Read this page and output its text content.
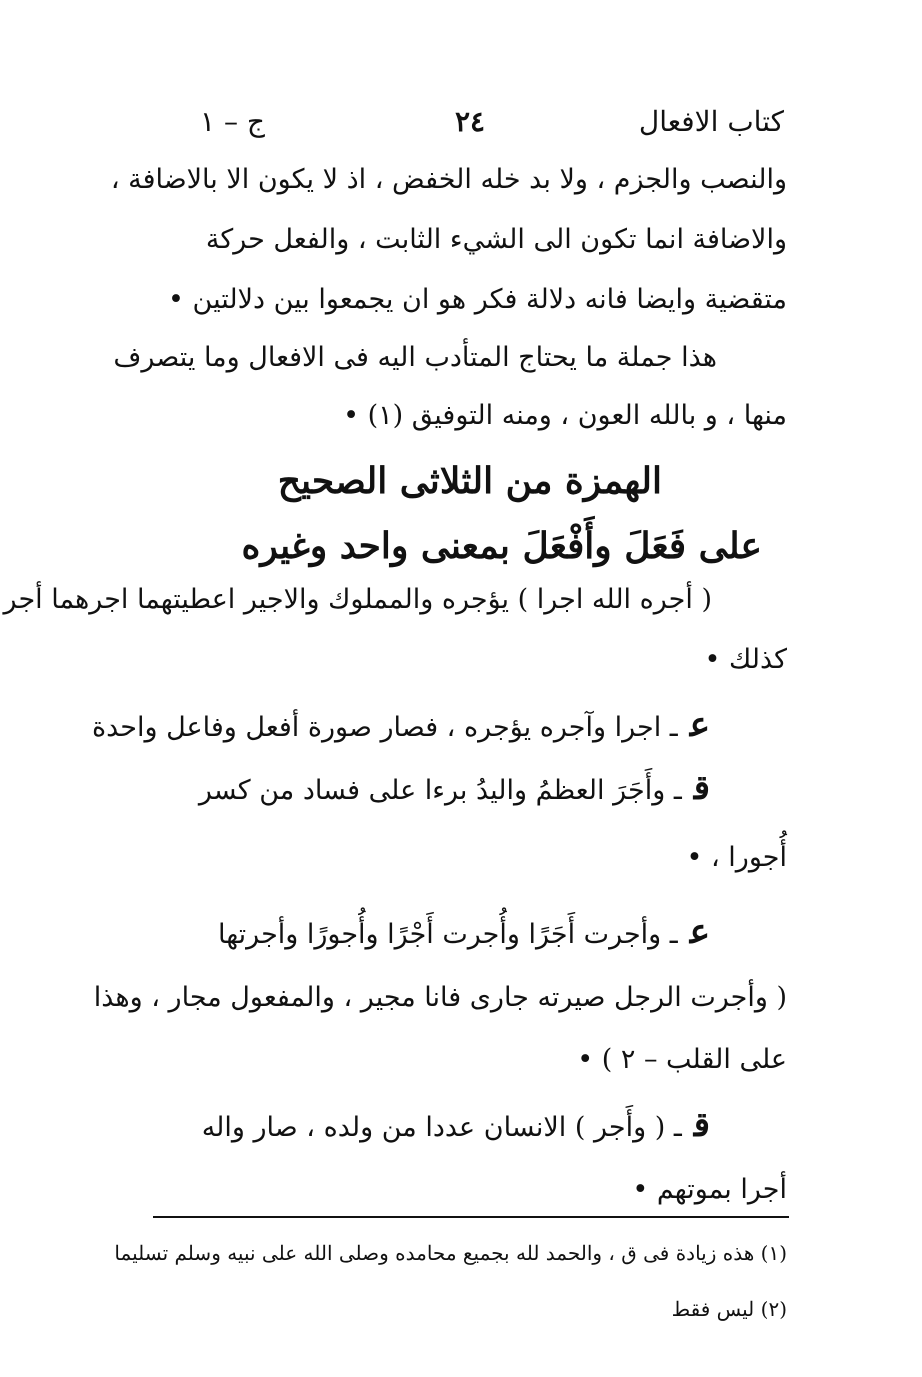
كتاب الافعال
٢٤
ج – ١
والنصب والجزم ، ولا بد خله الخفض ، اذ لا يكون الا بالاضافة ،
والاضافة انما تكون الى الشيء الثابت ، والفعل حركة
متقضية وايضا فانه دلالة فكر هو ان يجمعوا بين دلالتين •
هذا جملة ما يحتاج المتأدب اليه فى الافعال وما يتصرف
منها ، و بالله العون ، ومنه التوفيق (١) •
الهمزة من الثلاثى الصحيح
على فَعَلَ وأَفْعَلَ بمعنى واحد وغيره
( أجره الله اجرا ) يؤجره والمملوك والاجير اعطيتهما اجرهما أجر
كذلك •
عـ اجرا وآجره يؤجره ، فصار صورة أفعل وفاعل واحدة
قـ وأَجَرَ العظمُ واليدُ برءا على فساد من كسر
أُجورا ، •
عـ وأجرت أَجَرًا وأُجرت أَجْرًا وأُجورًا وأجرتها
( وأجرت الرجل صيرته جارى فانا مجير ، والمفعول مجار ، وهذا
على القلب – ٢ ) •
قـ ( وأَجر ) الانسان عددا من ولده ، صار واله
أجرا بموتهم •
(١) هذه زيادة فى ق ، والحمد لله بجميع محامده وصلى الله على نبيه وسلم تسليما
(٢) ليس فقط
